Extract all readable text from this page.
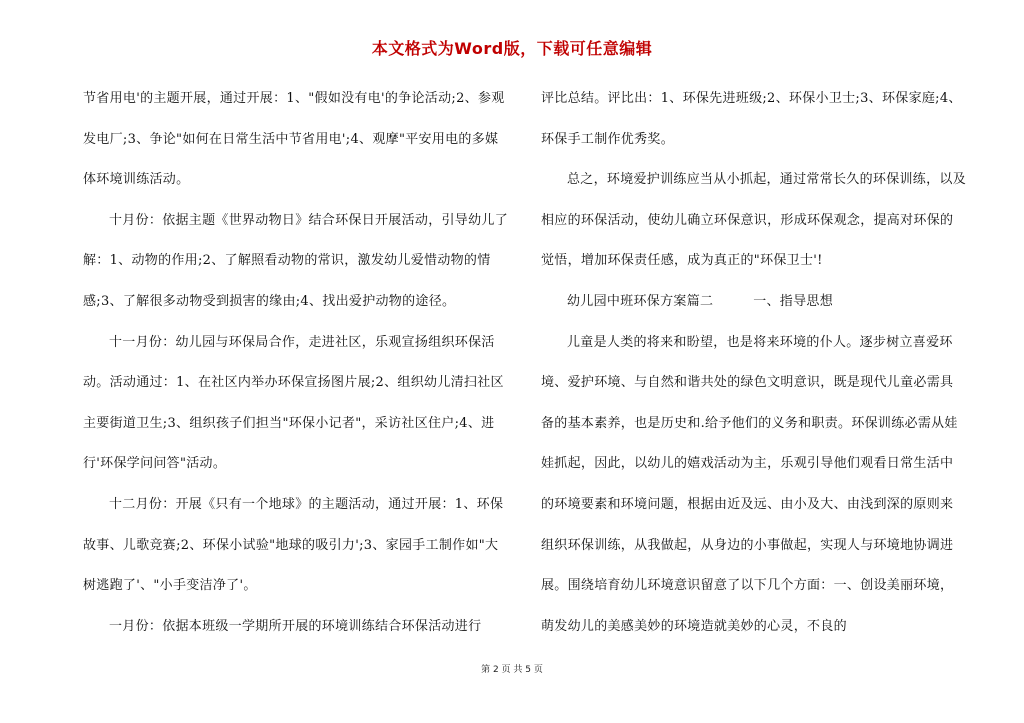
本文格式为Word版，下载可任意编辑

节省用电'的主题开展，通过开展：1、"假如没有电'的争论活动;2、参观发电厂;3、争论"如何在日常生活中节省用电';4、观摩"平安用电的多媒体环境训练活动。

十月份：依据主题《世界动物日》结合环保日开展活动，引导幼儿了解：1、动物的作用;2、了解照看动物的常识，激发幼儿爱惜动物的情感;3、了解很多动物受到损害的缘由;4、找出爱护动物的途径。

十一月份：幼儿园与环保局合作，走进社区，乐观宣扬组织环保活动。活动通过：1、在社区内举办环保宣扬图片展;2、组织幼儿清扫社区主要街道卫生;3、组织孩子们担当"环保小记者"，采访社区住户;4、进行'环保学问问答"活动。

十二月份：开展《只有一个地球》的主题活动，通过开展：1、环保故事、儿歌竞赛;2、环保小试验"地球的吸引力';3、家园手工制作如"大树逃跑了'、"小手变洁净了'。

一月份：依据本班级一学期所开展的环境训练结合环保活动进行

评比总结。评比出：1、环保先进班级;2、环保小卫士;3、环保家庭;4、环保手工制作优秀奖。

总之，环境爱护训练应当从小抓起，通过常常长久的环保训练，以及相应的环保活动，使幼儿确立环保意识，形成环保观念，提高对环保的觉悟，增加环保责任感，成为真正的"环保卫士'!

幼儿园中班环保方案篇二　　　一、指导思想

儿童是人类的将来和盼望，也是将来环境的仆人。逐步树立喜爱环境、爱护环境、与自然和谐共处的绿色文明意识，既是现代儿童必需具备的基本素养，也是历史和.给予他们的义务和职责。环保训练必需从娃娃抓起，因此，以幼儿的嬉戏活动为主，乐观引导他们观看日常生活中的环境要素和环境问题，根据由近及远、由小及大、由浅到深的原则来组织环保训练，从我做起，从身边的小事做起，实现人与环境地协调进展。围绕培育幼儿环境意识留意了以下几个方面：一、创设美丽环境，萌发幼儿的美感美妙的环境造就美妙的心灵，不良的

第 2 页 共 5 页
